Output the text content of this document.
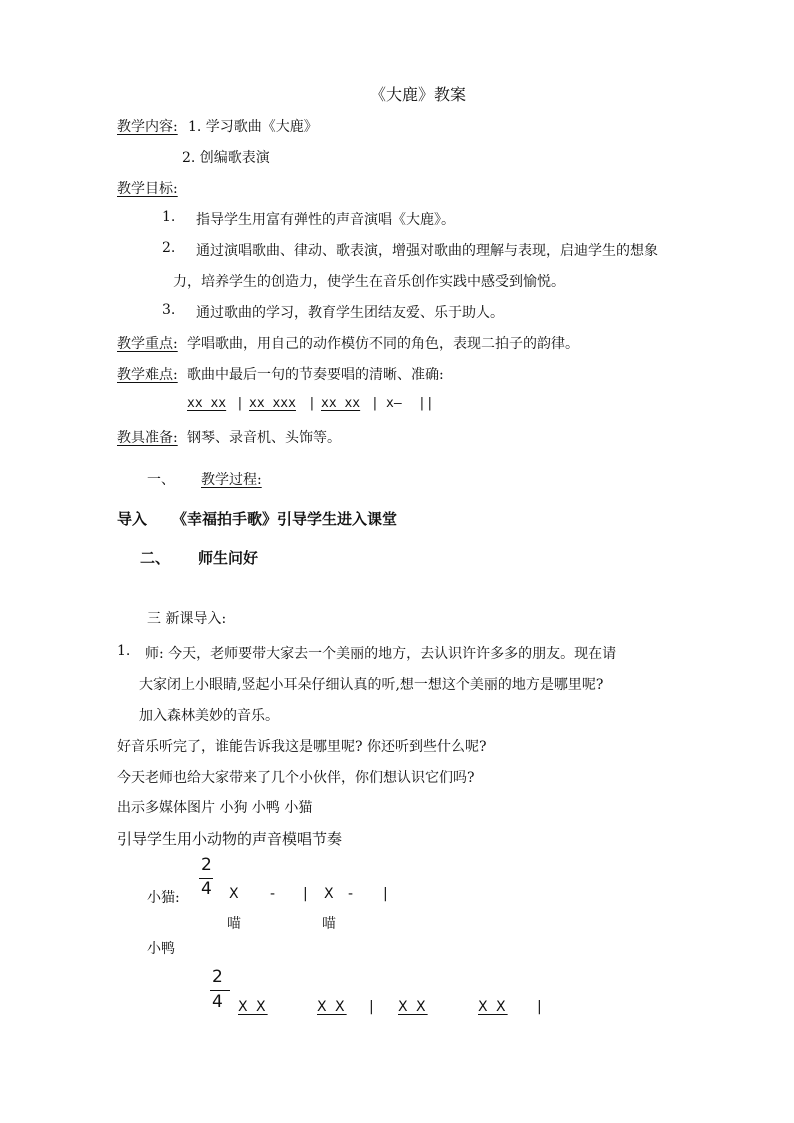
《大鹿》教案
教学内容: 1. 学习歌曲《大鹿》
2. 创编歌表演
教学目标:
1. 指导学生用富有弹性的声音演唱《大鹿》。
2. 通过演唱歌曲、律动、歌表演，增强对歌曲的理解与表现，启迪学生的想象
力，培养学生的创造力，使学生在音乐创作实践中感受到愉悦。
3. 通过歌曲的学习，教育学生团结友爱、乐于助人。
教学重点: 学唱歌曲，用自己的动作模仿不同的角色，表现二拍子的韵律。
教学难点: 歌曲中最后一句的节奏要唱的清晰、准确:
xx xx | xx xxx | xx xx | x— ||
教具准备: 钢琴、录音机、头饰等。
一、 教学过程:
导入 《幸福拍手歌》引导学生进入课堂
二、 师生问好
三 新课导入:
1. 师: 今天，老师要带大家去一个美丽的地方，去认识许许多多的朋友。现在请
大家闭上小眼睛,竖起小耳朵仔细认真的听,想一想这个美丽的地方是哪里呢?
加入森林美妙的音乐。
好音乐听完了，谁能告诉我这是哪里呢? 你还听到些什么呢?
今天老师也给大家带来了几个小伙伴，你们想认识它们吗?
出示多媒体图片 小狗 小鸭 小猫
引导学生用小动物的声音模唱节奏
小猫:
2
4 X - | X - |
喵	喵
小鸭
2
4 X X	X X | X X	X X |
